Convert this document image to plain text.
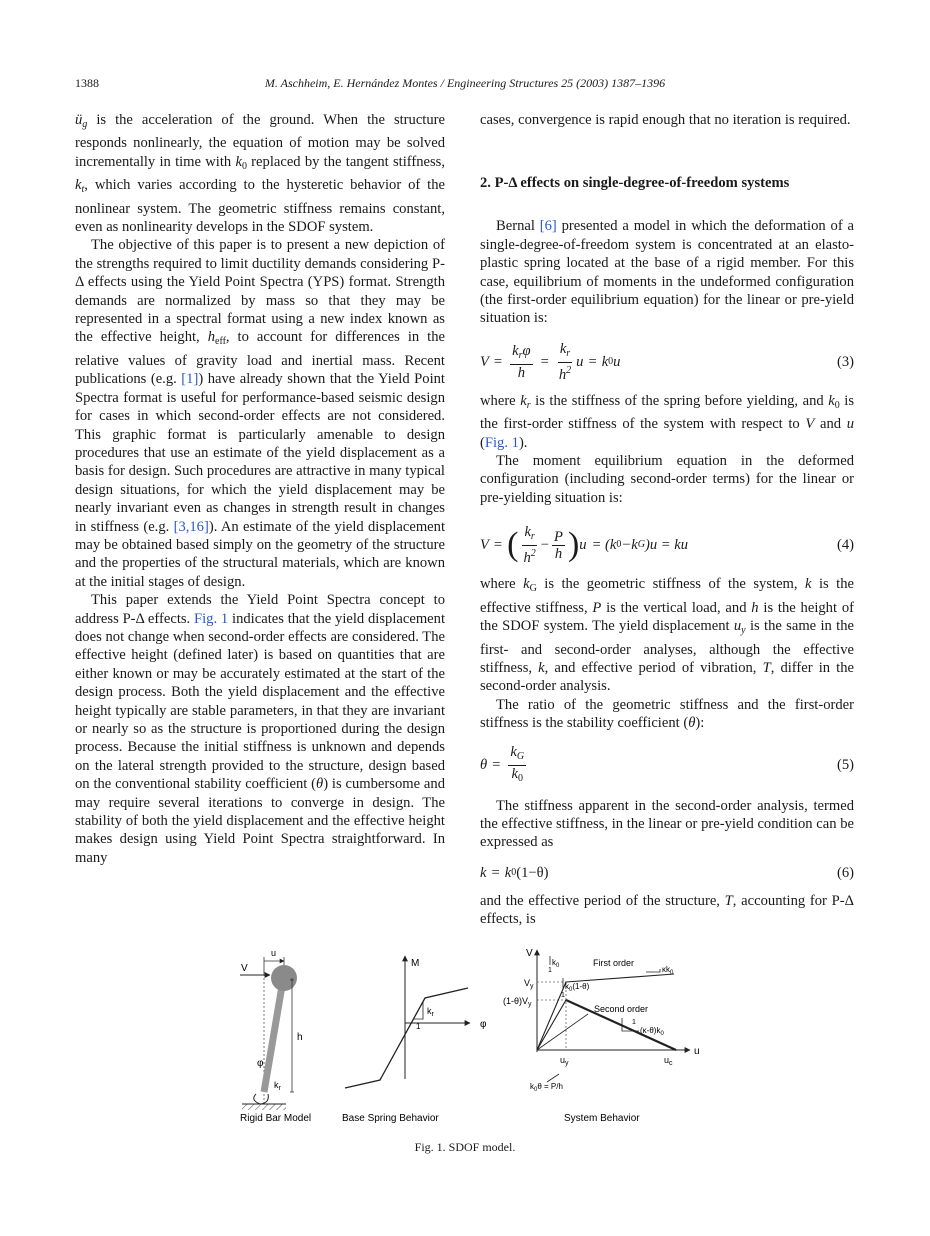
1388	M. Aschheim, E. Hernández Montes / Engineering Structures 25 (2003) 1387–1396

$ü_g$ is the acceleration of the ground. When the structure responds nonlinearly, the equation of motion may be solved incrementally in time with $k_0$ replaced by the tangent stiffness, $k_t$, which varies according to the hysteretic behavior of the nonlinear system. The geometric stiffness remains constant, even as nonlinearity develops in the SDOF system.

The objective of this paper is to present a new depiction of the strengths required to limit ductility demands considering P-Δ effects using the Yield Point Spectra (YPS) format. Strength demands are normalized by mass so that they may be represented in a spectral format using a new index known as the effective height, $h_{eff}$, to account for differences in the relative values of gravity load and inertial mass. Recent publications (e.g. [1]) have already shown that the Yield Point Spectra format is useful for performance-based seismic design for cases in which second-order effects are not considered. This graphic format is particularly amenable to design procedures that use an estimate of the yield displacement as a basis for design. Such procedures are attractive in many typical design situations, for which the yield displacement may be nearly invariant even as changes in strength result in changes in stiffness (e.g. [3,16]). An estimate of the yield displacement may be obtained based simply on the geometry of the structure and the properties of the structural materials, which are known at the initial stages of design.

This paper extends the Yield Point Spectra concept to address P-Δ effects. Fig. 1 indicates that the yield displacement does not change when second-order effects are considered. The effective height (defined later) is based on quantities that are either known or may be accurately estimated at the start of the design process. Both the yield displacement and the effective height typically are stable parameters, in that they are invariant or nearly so as the structure is proportioned during the design process. Because the initial stiffness is unknown and depends on the lateral strength provided to the structure, design based on the conventional stability coefficient (θ) is cumbersome and may require several iterations to converge in design. The stability of both the yield displacement and the effective height makes design using Yield Point Spectra straightforward. In many

cases, convergence is rapid enough that no iteration is required.

2. P-Δ effects on single-degree-of-freedom systems

Bernal [6] presented a model in which the deformation of a single-degree-of-freedom system is concentrated at an elasto-plastic spring located at the base of a rigid member. For this case, equilibrium of moments in the undeformed configuration (the first-order equilibrium equation) for the linear or pre-yield situation is:

$V = \frac{k_r\varphi}{h} = \frac{k_r}{h^2}$ u = k 0 u	(3)

where $k_r$ is the stiffness of the spring before yielding, and $k_0$ is the first-order stiffness of the system with respect to V and u (Fig. 1).

The moment equilibrium equation in the deformed configuration (including second-order terms) for the linear or pre-yielding situation is:

V = ( $\frac{k_r}{h^2} - \frac{P}{h}$ ) u = (k 0 −k G )u = ku	(4)

where $k_G$ is the geometric stiffness of the system, k is the effective stiffness, P is the vertical load, and h is the height of the SDOF system. The yield displacement $u_y$ is the same in the first- and second-order analyses, although the effective stiffness, k, and effective period of vibration, T, differ in the second-order analysis.

The ratio of the geometric stiffness and the first-order stiffness is the stability coefficient (θ):

$\theta = \frac{k_G}{k_0}$	(5)

The stiffness apparent in the second-order analysis, termed the effective stiffness, in the linear or pre-yield condition can be expressed as

k = k 0 (1−θ)	(6)

and the effective period of the structure, T, accounting for P-Δ effects, is

u
V
h
φ
$k_r$
Rigid Bar Model
M
φ
1
$k_r$
Base Spring Behavior
V
u
$V_y$
$(1-\theta)V_y$
$k_0$
1
$k_0(1-\theta)$
1
First order
$\kappa k_0$
Second order
1
$(\kappa-\theta)k_0$
$u_y$	$u_c$
$k_0\theta = P/h$
System Behavior
Fig. 1. SDOF model.
